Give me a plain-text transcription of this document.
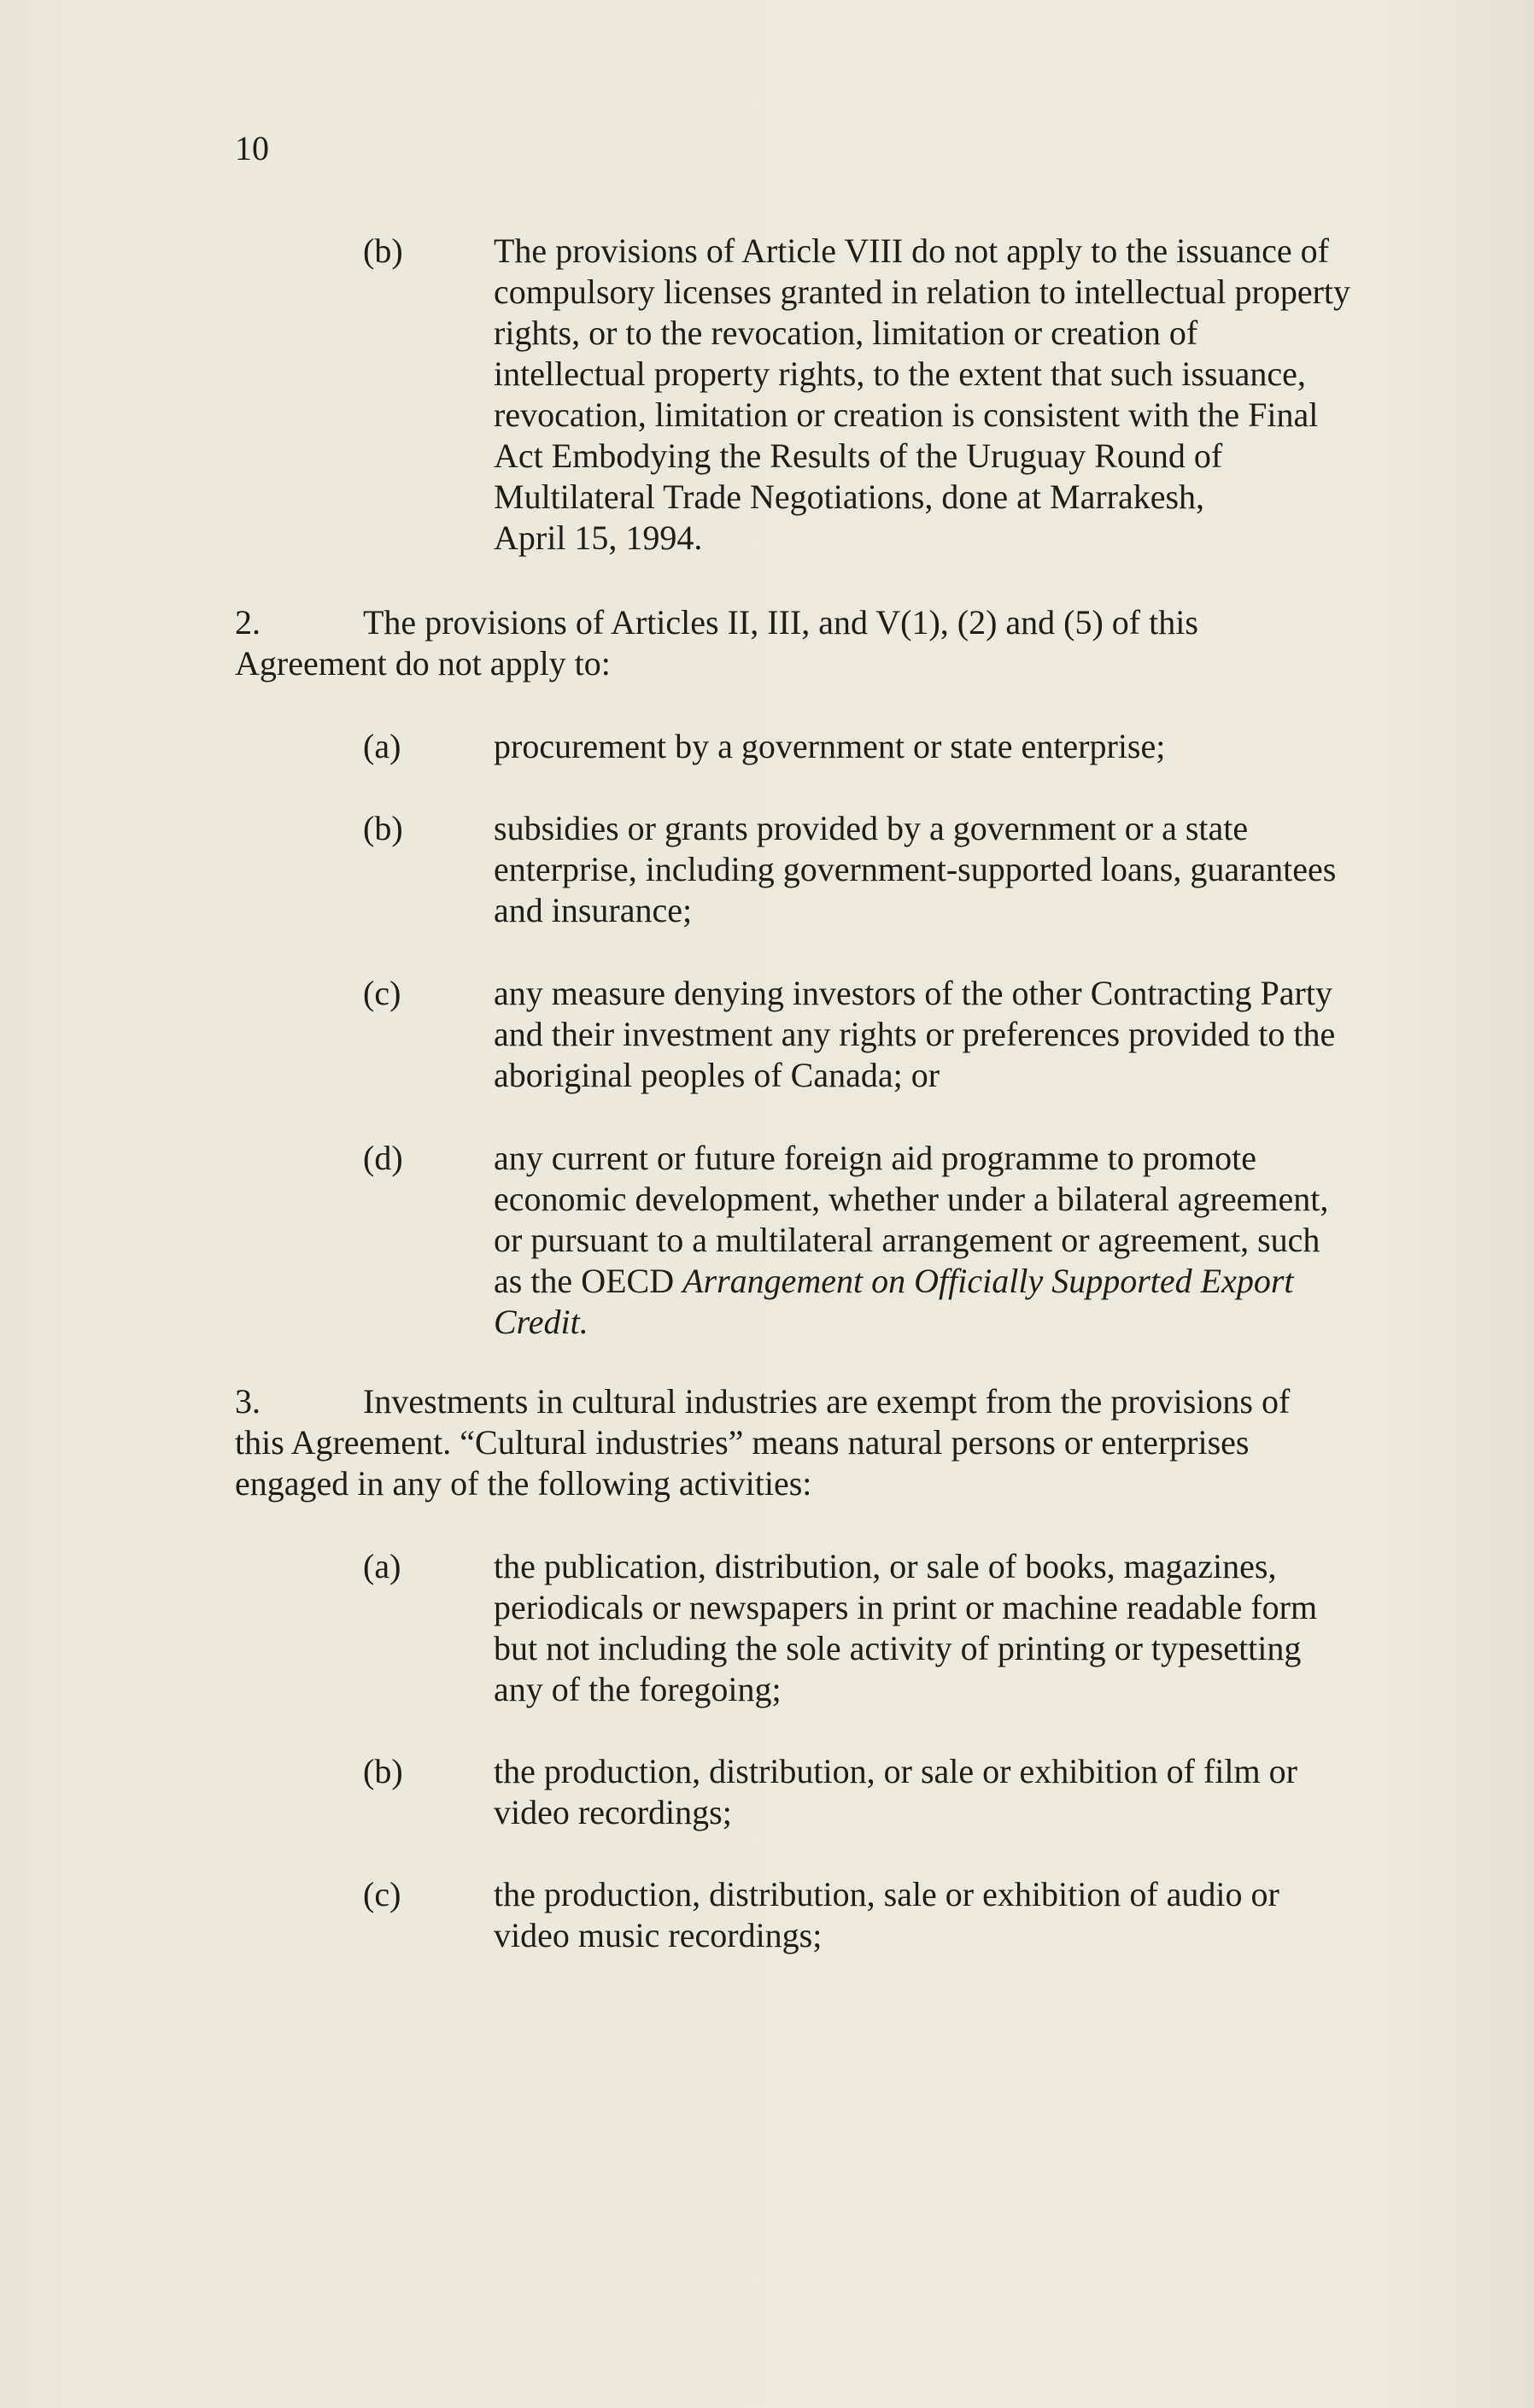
10
(b)	The provisions of Article VIII do not apply to the issuance of
compulsory licenses granted in relation to intellectual property
rights, or to the revocation, limitation or creation of
intellectual property rights, to the extent that such issuance,
revocation, limitation or creation is consistent with the Final
Act Embodying the Results of the Uruguay Round of
Multilateral Trade Negotiations, done at Marrakesh,
April 15, 1994.
2.	The provisions of Articles II, III, and V(1), (2) and (5) of this
Agreement do not apply to:
(a)	procurement by a government or state enterprise;
(b)	subsidies or grants provided by a government or a state
enterprise, including government-supported loans, guarantees
and insurance;
(c)	any measure denying investors of the other Contracting Party
and their investment any rights or preferences provided to the
aboriginal peoples of Canada; or
(d)	any current or future foreign aid programme to promote
economic development, whether under a bilateral agreement,
or pursuant to a multilateral arrangement or agreement, such
as the OECD Arrangement on Officially Supported Export
Credit.
3.	Investments in cultural industries are exempt from the provisions of
this Agreement. “Cultural industries” means natural persons or enterprises
engaged in any of the following activities:
(a)	the publication, distribution, or sale of books, magazines,
periodicals or newspapers in print or machine readable form
but not including the sole activity of printing or typesetting
any of the foregoing;
(b)	the production, distribution, or sale or exhibition of film or
video recordings;
(c)	the production, distribution, sale or exhibition of audio or
video music recordings;
